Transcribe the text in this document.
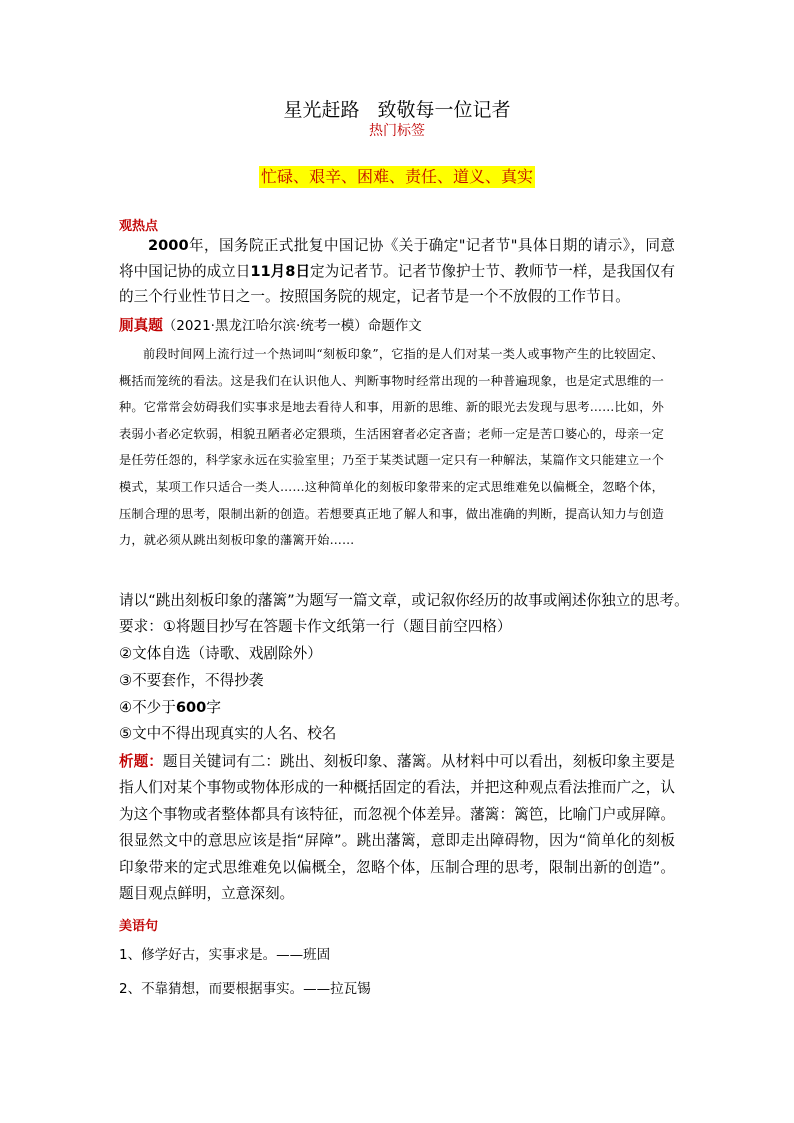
星光赶路 致敬每一位记者
热门标签
忙碌、艰辛、困难、责任、道义、真实
观热点
2000年，国务院正式批复中国记协《关于确定"记者节"具体日期的请示》，同意将中国记协的成立日11月8日定为记者节。记者节像护士节、教师节一样，是我国仅有的三个行业性节日之一。按照国务院的规定，记者节是一个不放假的工作节日。
厠真题（2021·黑龙江哈尔滨·统考一模）命题作文
前段时间网上流行过一个热词叫“刻板印象”，它指的是人们对某一类人或事物产生的比较固定、概括而笼统的看法。这是我们在认识他人、判断事物时经常出现的一种普遍现象，也是定式思维的一种。它常常会妨碍我们实事求是地去看待人和事，用新的思维、新的眼光去发现与思考……比如，外表弱小者必定软弱，相貌丑陋者必定猥琐，生活困窘者必定吝啬；老师一定是苦口婆心的，母亲一定是任劳任怨的，科学家永远在实验室里；乃至于某类试题一定只有一种解法，某篇作文只能建立一个模式，某项工作只适合一类人……这种简单化的刻板印象带来的定式思维难免以偏概全，忽略个体，压制合理的思考，限制出新的创造。若想要真正地了解人和事，做出准确的判断，提高认知力与创造力，就必须从跳出刻板印象的藩篱开始……
请以“跳出刻板印象的藩篱”为题写一篇文章，或记叙你经历的故事或阐述你独立的思考。
要求：①将题目抄写在答题卡作文纸第一行（题目前空四格）
②文体自选（诗歌、戏剧除外）
③不要套作，不得抄袭
④不少于600字
⑤文中不得出现真实的人名、校名
析题：题目关键词有二：跳出、刻板印象、藩篱。从材料中可以看出，刻板印象主要是指人们对某个事物或物体形成的一种概括固定的看法，并把这种观点看法推而广之，认为这个事物或者整体都具有该特征，而忽视个体差异。藩篱：篱笆，比喻门户或屏障。很显然文中的意思应该是指“屏障”。跳出藩篱，意即走出障碍物，因为“简单化的刻板印象带来的定式思维难免以偏概全，忽略个体，压制合理的思考，限制出新的创造”。题目观点鲜明，立意深刻。
美语句
1、修学好古，实事求是。——班固
2、不靠猜想，而要根据事实。——拉瓦锡
